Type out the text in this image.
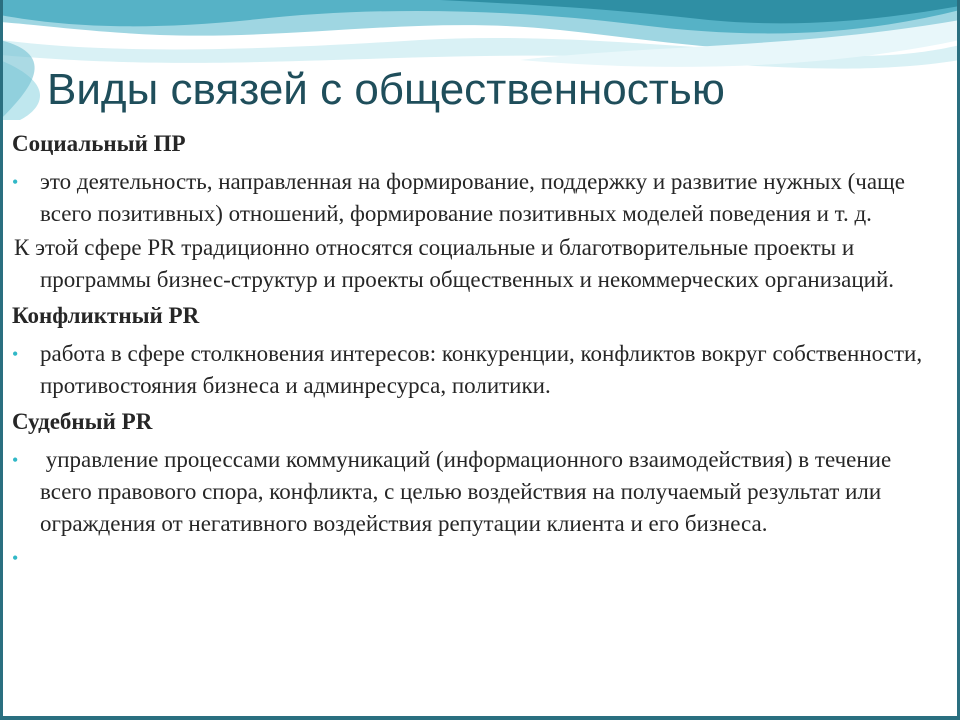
Виды связей с общественностью

Социальный ПР

• это деятельность, направленная на формирование, поддержку и развитие нужных (чаще всего позитивных) отношений, формирование позитивных моделей поведения и т. д.

К этой сфере PR традиционно относятся социальные и благотворительные проекты и программы бизнес-структур и проекты общественных и некоммерческих организаций.

Конфликтный PR

• работа в сфере столкновения интересов: конкуренции, конфликтов вокруг собственности, противостояния бизнеса и админресурса, политики.

Судебный PR

• управление процессами коммуникаций (информационного взаимодействия) в течение всего правового спора, конфликта, с целью воздействия на получаемый результат или ограждения от негативного воздействия репутации клиента и его бизнеса.
•
